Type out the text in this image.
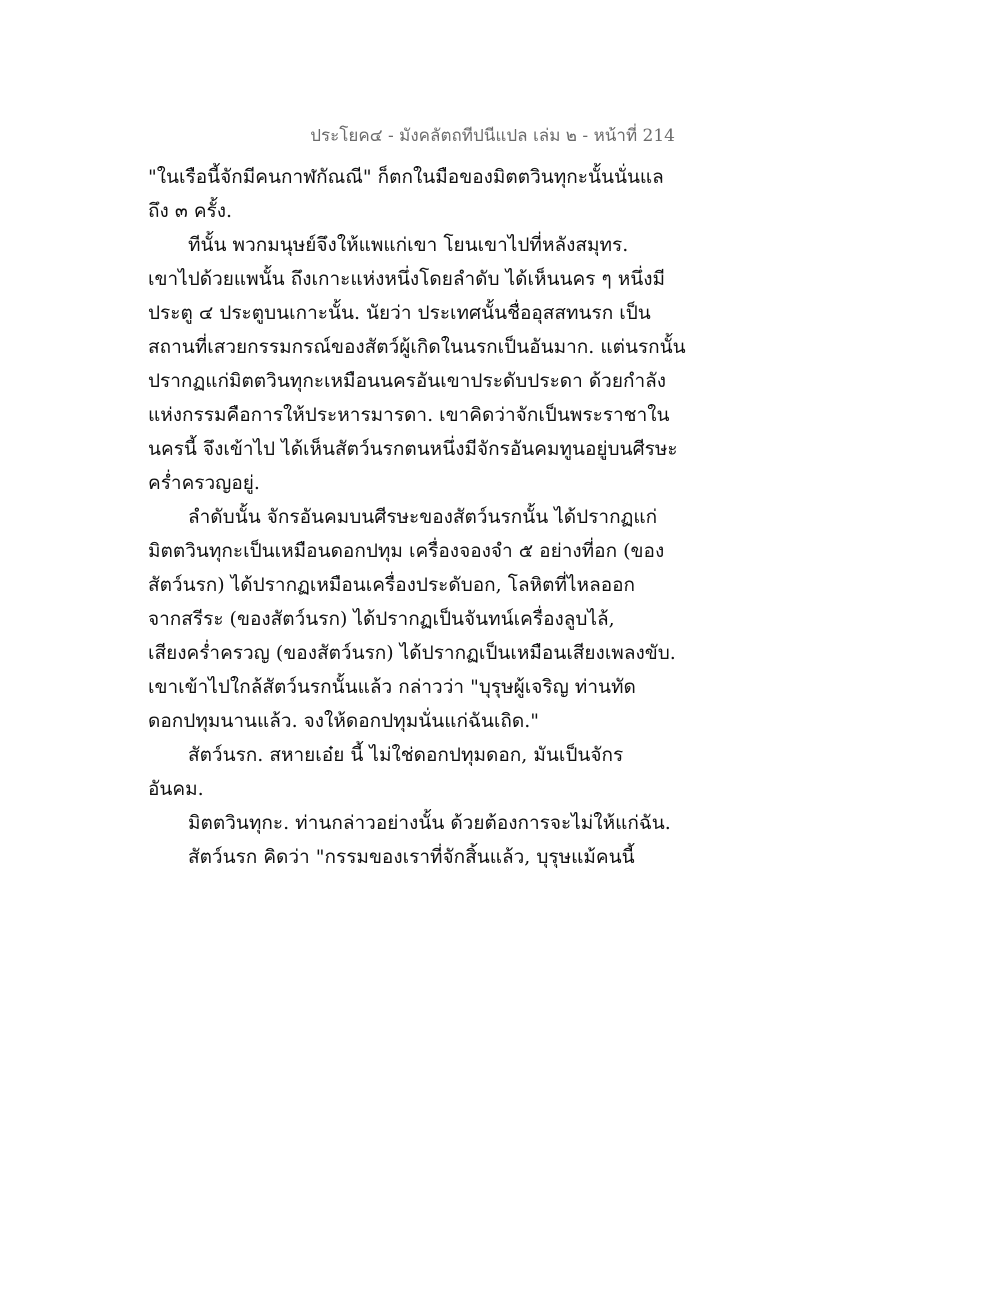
ประโยค๔ - มังคลัตถทีปนีแปล เล่ม ๒ - หน้าที่ 214
"ในเรือนี้จักมีคนกาฬกัณณี" ก็ตกในมือของมิตตวินทุกะนั้นนั่นแล
ถึง ๓ ครั้ง.
ทีนั้น พวกมนุษย์จึงให้แพแก่เขา โยนเขาไปที่หลังสมุทร.
เขาไปด้วยแพนั้น ถึงเกาะแห่งหนึ่งโดยลำดับ ได้เห็นนคร ๆ หนึ่งมี
ประตู ๔ ประตูบนเกาะนั้น. นัยว่า ประเทศนั้นชื่ออุสสทนรก เป็น
สถานที่เสวยกรรมกรณ์ของสัตว์ผู้เกิดในนรกเป็นอันมาก. แต่นรกนั้น
ปรากฏแก่มิตตวินทุกะเหมือนนครอันเขาประดับประดา ด้วยกำลัง
แห่งกรรมคือการให้ประหารมารดา. เขาคิดว่าจักเป็นพระราชาใน
นครนี้ จึงเข้าไป ได้เห็นสัตว์นรกตนหนึ่งมีจักรอันคมทูนอยู่บนศีรษะ
คร่ำครวญอยู่.
ลำดับนั้น จักรอันคมบนศีรษะของสัตว์นรกนั้น ได้ปรากฏแก่
มิตตวินทุกะเป็นเหมือนดอกปทุม เครื่องจองจำ ๕ อย่างที่อก (ของ
สัตว์นรก) ได้ปรากฏเหมือนเครื่องประดับอก, โลหิตที่ไหลออก
จากสรีระ (ของสัตว์นรก) ได้ปรากฏเป็นจันทน์เครื่องลูบไล้,
เสียงคร่ำครวญ (ของสัตว์นรก) ได้ปรากฏเป็นเหมือนเสียงเพลงขับ.
เขาเข้าไปใกล้สัตว์นรกนั้นแล้ว กล่าวว่า "บุรุษผู้เจริญ ท่านทัด
ดอกปทุมนานแล้ว. จงให้ดอกปทุมนั่นแก่ฉันเถิด."
สัตว์นรก. สหายเอ๋ย นี้ ไม่ใช่ดอกปทุมดอก, มันเป็นจักร
อันคม.
มิตตวินทุกะ. ท่านกล่าวอย่างนั้น ด้วยต้องการจะไม่ให้แก่ฉัน.
สัตว์นรก คิดว่า "กรรมของเราที่จักสิ้นแล้ว, บุรุษแม้คนนี้
